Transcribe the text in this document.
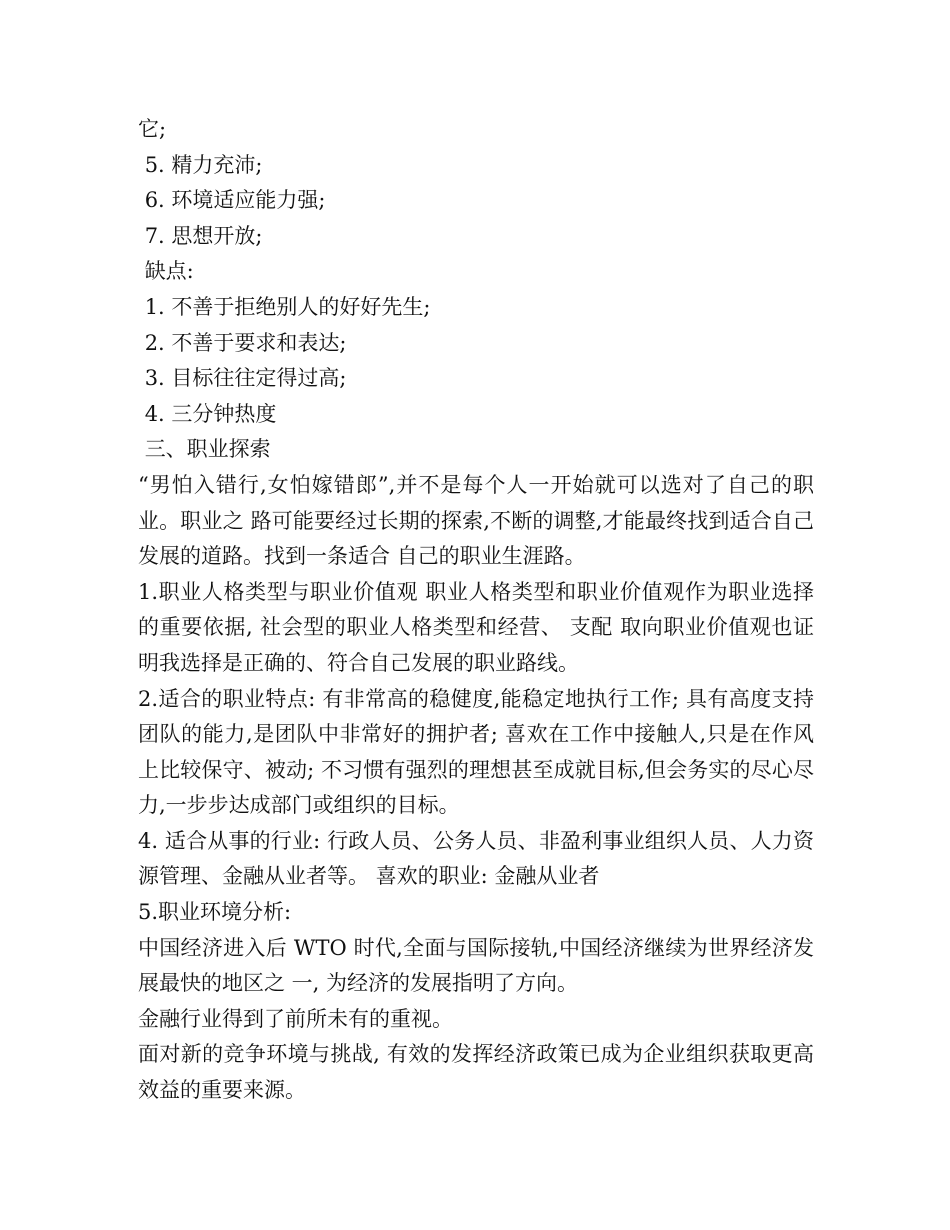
它;
5. 精力充沛;
6. 环境适应能力强;
7. 思想开放;
缺点:
1. 不善于拒绝别人的好好先生;
2. 不善于要求和表达;
3. 目标往往定得过高;
4. 三分钟热度
三、职业探索
“男怕入错行,女怕嫁错郎”,并不是每个人一开始就可以选对了自己的职业。职业之 路可能要经过长期的探索,不断的调整,才能最终找到适合自己发展的道路。找到一条适合 自己的职业生涯路。
1.职业人格类型与职业价值观 职业人格类型和职业价值观作为职业选择的重要依据, 社会型的职业人格类型和经营、 支配 取向职业价值观也证明我选择是正确的、符合自己发展的职业路线。
2.适合的职业特点: 有非常高的稳健度,能稳定地执行工作; 具有高度支持团队的能力,是团队中非常好的拥护者; 喜欢在工作中接触人,只是在作风上比较保守、被动; 不习惯有强烈的理想甚至成就目标,但会务实的尽心尽力,一步步达成部门或组织的目标。
4. 适合从事的行业: 行政人员、公务人员、非盈利事业组织人员、人力资源管理、金融从业者等。 喜欢的职业: 金融从业者
5.职业环境分析:
中国经济进入后 WTO 时代,全面与国际接轨,中国经济继续为世界经济发展最快的地区之 一, 为经济的发展指明了方向。
金融行业得到了前所未有的重视。
面对新的竞争环境与挑战, 有效的发挥经济政策已成为企业组织获取更高效益的重要来源。
